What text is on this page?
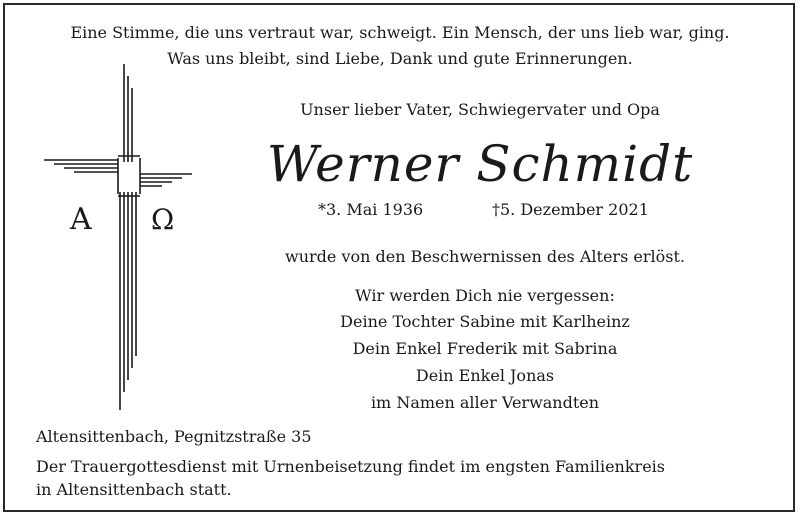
Eine Stimme, die uns vertraut war, schweigt. Ein Mensch, der uns lieb war, ging.
Was uns bleibt, sind Liebe, Dank und gute Erinnerungen.
A Ω
Unser lieber Vater, Schwiegervater und Opa
Werner Schmidt
*3. Mai 1936	†5. Dezember 2021
wurde von den Beschwernissen des Alters erlöst.
Wir werden Dich nie vergessen:
Deine Tochter Sabine mit Karlheinz
Dein Enkel Frederik mit Sabrina
Dein Enkel Jonas
im Namen aller Verwandten
Altensittenbach, Pegnitzstraße 35
Der Trauergottesdienst mit Urnenbeisetzung findet im engsten Familienkreis
in Altensittenbach statt.
